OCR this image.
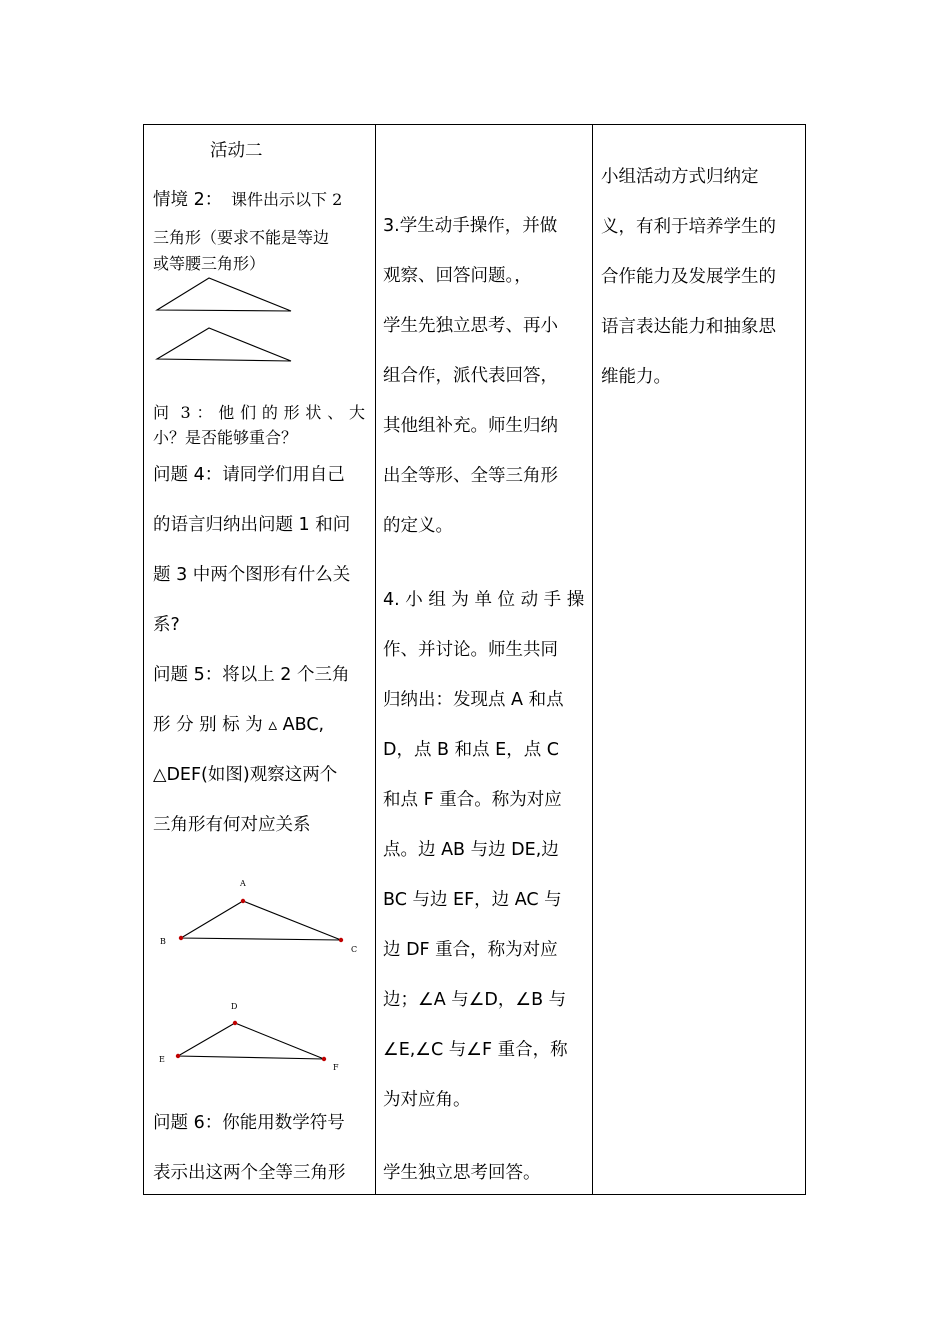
活动二
情境 2： 课件出示以下 2
三角形（要求不能是等边
或等腰三角形）
A
B
C
D
E
F
问 3 ： 他 们 的 形 状 、 大
小？是否能够重合？
问题 4：请同学们用自己
的语言归纳出问题 1 和问
题 3 中两个图形有什么关
系?
问题 5：将以上 2 个三角
形 分 别 标 为 ▵ ABC,
△DEF(如图)观察这两个
三角形有何对应关系
问题 6：你能用数学符号
表示出这两个全等三角形
3.学生动手操作，并做
观察、回答问题。，
学生先独立思考、再小
组合作，派代表回答，
其他组补充。师生归纳
出全等形、全等三角形
的定义。
4. 小 组 为 单 位 动 手 操
作、并讨论。师生共同
归纳出：发现点 A 和点
D，点 B 和点 E，点 C
和点 F 重合。称为对应
点。边 AB 与边 DE,边
BC 与边 EF，边 AC 与
边 DF 重合，称为对应
边；∠A 与∠D，∠B 与
∠E,∠C 与∠F 重合，称
为对应角。
学生独立思考回答。
小组活动方式归纳定
义，有利于培养学生的
合作能力及发展学生的
语言表达能力和抽象思
维能力。
